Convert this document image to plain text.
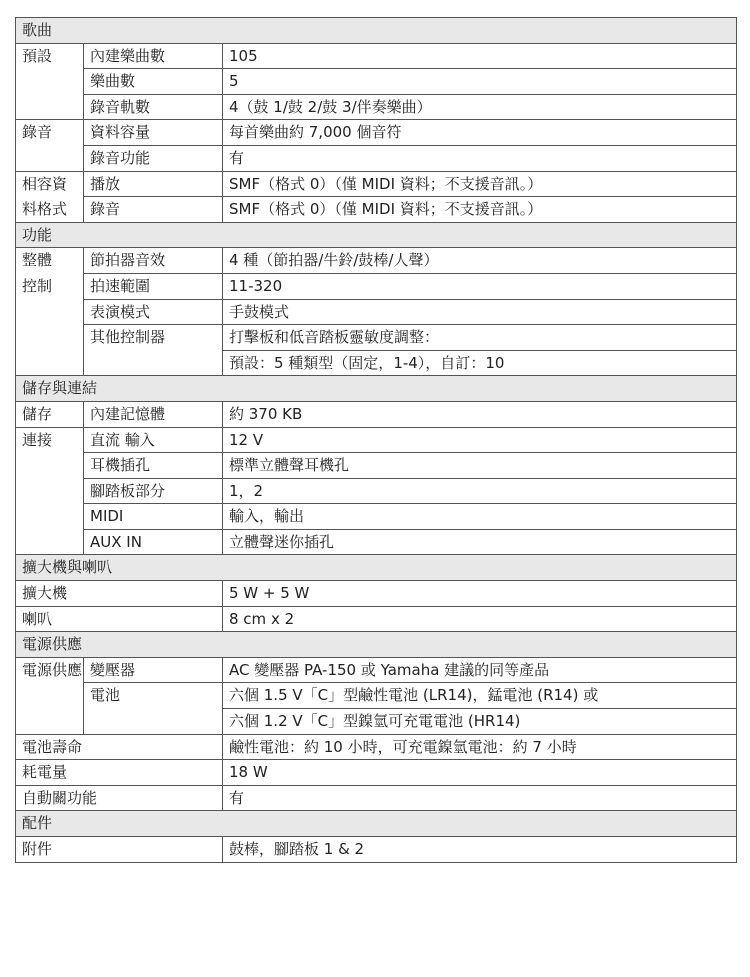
歌曲		
預設	內建樂曲數	105
	樂曲數	5
	錄音軌數	4（鼓 1/鼓 2/鼓 3/伴奏樂曲）
錄音	資料容量	每首樂曲約 7,000 個音符
	錄音功能	有
相容資	播放	SMF（格式 0）（僅 MIDI 資料；不支援音訊。）
料格式	錄音	SMF（格式 0）（僅 MIDI 資料；不支援音訊。）
功能		
整體	節拍器音效	4 種（節拍器/牛鈴/鼓棒/人聲）
控制	拍速範圍	11-320
	表演模式	手鼓模式
	其他控制器	打擊板和低音踏板靈敏度調整：
		預設：5 種類型（固定，1-4），自訂：10
儲存與連結		
儲存	內建記憶體	約 370 KB
連接	直流 輸入	12 V
	耳機插孔	標準立體聲耳機孔
	腳踏板部分	1，2
	MIDI	輸入，輸出
	AUX IN	立體聲迷你插孔
擴大機與喇叭		
擴大機		5 W + 5 W
喇叭		8 cm x 2
電源供應		
電源供應	變壓器	AC 變壓器 PA-150 或 Yamaha 建議的同等產品
	電池	六個 1.5 V「C」型鹼性電池 (LR14)，錳電池 (R14) 或
		六個 1.2 V「C」型鎳氫可充電電池 (HR14)
電池壽命		鹼性電池：約 10 小時，可充電鎳氫電池：約 7 小時
耗電量		18 W
自動關功能		有
配件		
附件		鼓棒，腳踏板 1 & 2
